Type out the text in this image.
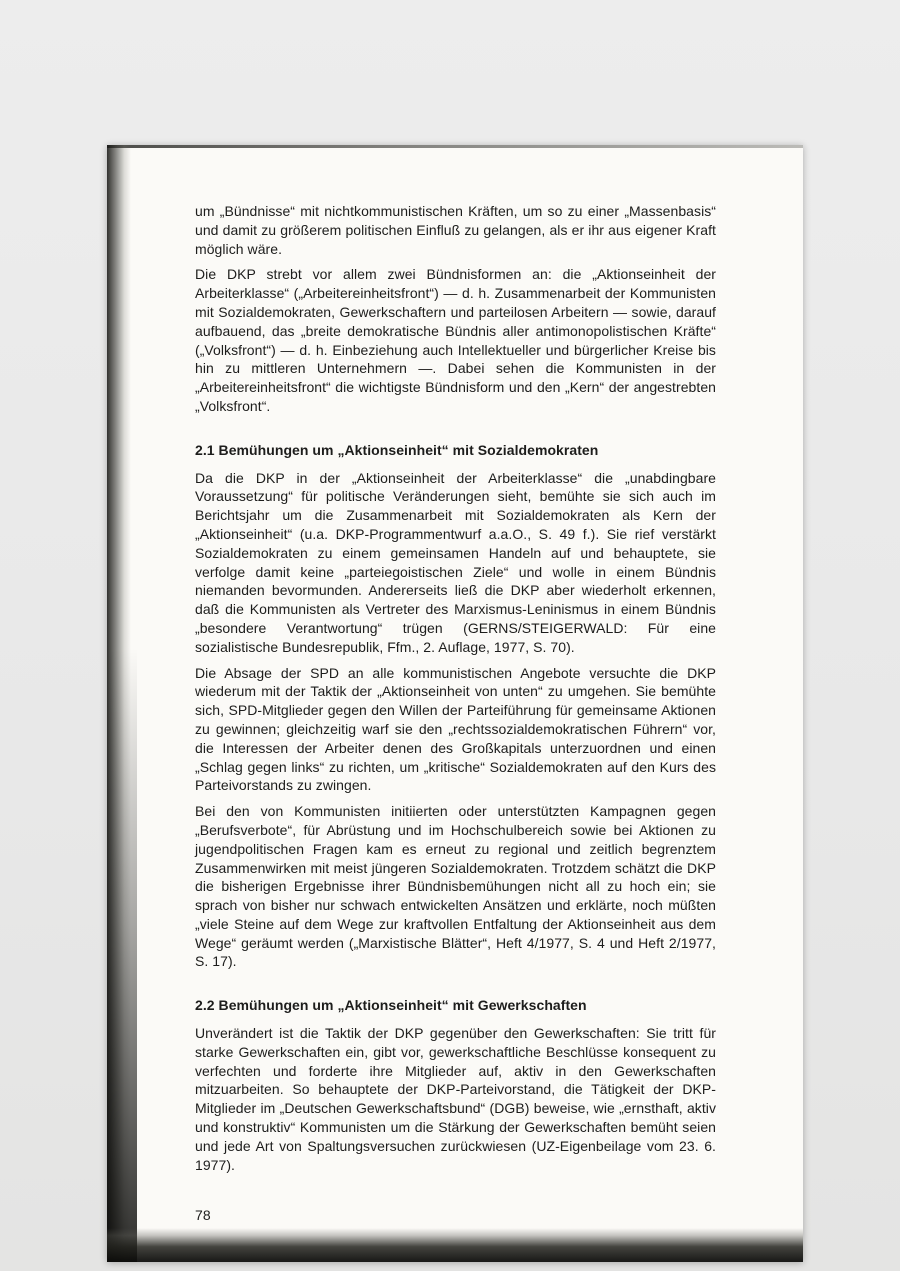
um „Bündnisse“ mit nichtkommunistischen Kräften, um so zu einer „Massenbasis“ und damit zu größerem politischen Einfluß zu gelangen, als er ihr aus eigener Kraft möglich wäre.

Die DKP strebt vor allem zwei Bündnisformen an: die „Aktionseinheit der Arbeiterklasse“ („Arbeitereinheitsfront“) — d. h. Zusammenarbeit der Kommunisten mit Sozialdemokraten, Gewerkschaftern und parteilosen Arbeitern — sowie, darauf aufbauend, das „breite demokratische Bündnis aller antimonopolistischen Kräfte“ („Volksfront“) — d. h. Einbeziehung auch Intellektueller und bürgerlicher Kreise bis hin zu mittleren Unternehmern —. Dabei sehen die Kommunisten in der „Arbeitereinheitsfront“ die wichtigste Bündnisform und den „Kern“ der angestrebten „Volksfront“.

2.1 Bemühungen um „Aktionseinheit“ mit Sozialdemokraten

Da die DKP in der „Aktionseinheit der Arbeiterklasse“ die „unabdingbare Voraussetzung“ für politische Veränderungen sieht, bemühte sie sich auch im Berichtsjahr um die Zusammenarbeit mit Sozialdemokraten als Kern der „Aktionseinheit“ (u.a. DKP-Programmentwurf a.a.O., S. 49 f.). Sie rief verstärkt Sozialdemokraten zu einem gemeinsamen Handeln auf und behauptete, sie verfolge damit keine „parteiegoistischen Ziele“ und wolle in einem Bündnis niemanden bevormunden. Andererseits ließ die DKP aber wiederholt erkennen, daß die Kommunisten als Vertreter des Marxismus-Leninismus in einem Bündnis „besondere Verantwortung“ trügen (GERNS/STEIGERWALD: Für eine sozialistische Bundesrepublik, Ffm., 2. Auflage, 1977, S. 70).

Die Absage der SPD an alle kommunistischen Angebote versuchte die DKP wiederum mit der Taktik der „Aktionseinheit von unten“ zu umgehen. Sie bemühte sich, SPD-Mitglieder gegen den Willen der Parteiführung für gemeinsame Aktionen zu gewinnen; gleichzeitig warf sie den „rechtssozialdemokratischen Führern“ vor, die Interessen der Arbeiter denen des Großkapitals unterzuordnen und einen „Schlag gegen links“ zu richten, um „kritische“ Sozialdemokraten auf den Kurs des Parteivorstands zu zwingen.

Bei den von Kommunisten initiierten oder unterstützten Kampagnen gegen „Berufsverbote“, für Abrüstung und im Hochschulbereich sowie bei Aktionen zu jugendpolitischen Fragen kam es erneut zu regional und zeitlich begrenztem Zusammenwirken mit meist jüngeren Sozialdemokraten. Trotzdem schätzt die DKP die bisherigen Ergebnisse ihrer Bündnisbemühungen nicht all zu hoch ein; sie sprach von bisher nur schwach entwickelten Ansätzen und erklärte, noch müßten „viele Steine auf dem Wege zur kraftvollen Entfaltung der Aktionseinheit aus dem Wege“ geräumt werden („Marxistische Blätter“, Heft 4/1977, S. 4 und Heft 2/1977, S. 17).

2.2 Bemühungen um „Aktionseinheit“ mit Gewerkschaften

Unverändert ist die Taktik der DKP gegenüber den Gewerkschaften: Sie tritt für starke Gewerkschaften ein, gibt vor, gewerkschaftliche Beschlüsse konsequent zu verfechten und forderte ihre Mitglieder auf, aktiv in den Gewerkschaften mitzuarbeiten. So behauptete der DKP-Parteivorstand, die Tätigkeit der DKP-Mitglieder im „Deutschen Gewerkschaftsbund“ (DGB) beweise, wie „ernsthaft, aktiv und konstruktiv“ Kommunisten um die Stärkung der Gewerkschaften bemüht seien und jede Art von Spaltungsversuchen zurückwiesen (UZ-Eigenbeilage vom 23. 6. 1977).

78
